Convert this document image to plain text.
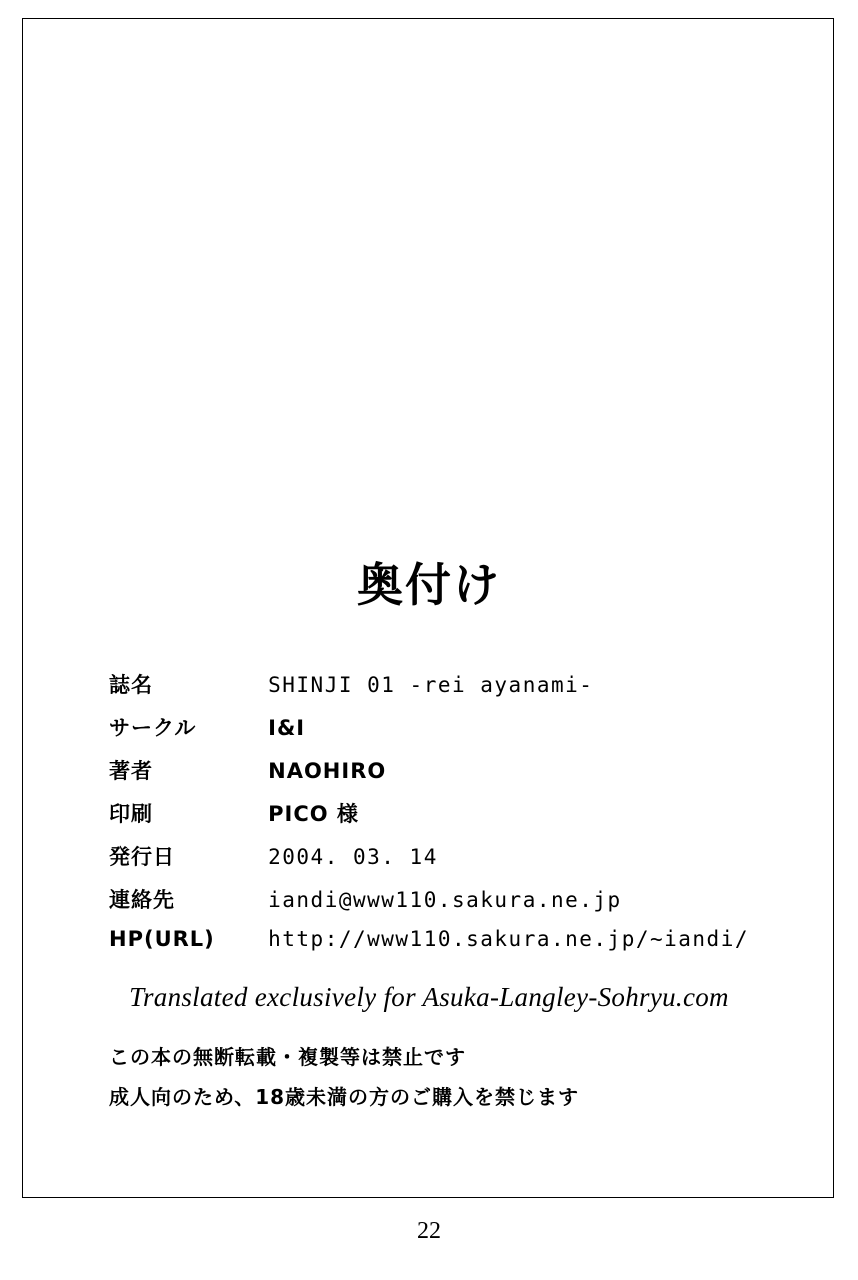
奥付け
誌名	SHINJI 01 -rei ayanami-
サークル	I&I
著者	NAOHIRO
印刷	PICO 様
発行日	2004. 03. 14
連絡先	iandi@www110.sakura.ne.jp
HP(URL)	http://www110.sakura.ne.jp/~iandi/
Translated exclusively for Asuka-Langley-Sohryu.com
この本の無断転載・複製等は禁止です
成人向のため、18歳未満の方のご購入を禁じます
22
